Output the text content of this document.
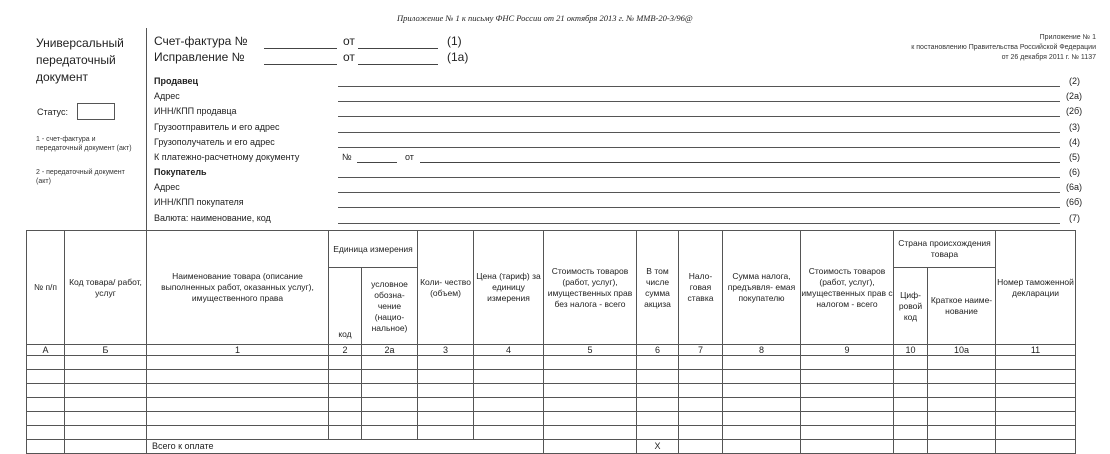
Приложение № 1 к письму ФНС России от 21 октября 2013 г. № ММВ-20-3/96@
Универсальный
передаточный
документ
Статус:
1 - счет-фактура и передаточный документ (акт)
2 - передаточный документ (акт)
Счет-фактура №	от	(1)
Исправление №	от	(1а)
Приложение № 1
к постановлению Правительства Российской Федерации
от 26 декабря 2011 г. № 1137
Продавец	(2)
Адрес	(2а)
ИНН/КПП продавца	(2б)
Грузоотправитель и его адрес	(3)
Грузополучатель и его адрес	(4)
К платежно-расчетному документу	№	от	(5)
Покупатель	(6)
Адрес	(6а)
ИНН/КПП покупателя	(6б)
Валюта: наименование, код	(7)
№ п/п	Код товара/ работ, услуг	Наименование товара (описание выполненных работ, оказанных услуг), имущественного права	Единица измерения		Коли- чество (объем)	Цена (тариф) за единицу измерения	Стоимость товаров (работ, услуг), имущественных прав без налога - всего	В том числе сумма акциза	Нало- говая ставка	Сумма налога, предъявля- емая покупателю	Стоимость товаров (работ, услуг), имущественных прав с налогом - всего	Страна происхождения товара		Номер таможенной декларации
			код	условное обозна- чение (нацио- нальное)								Циф- ровой код	Краткое наиме- нование	
А	Б	1	2	2а	3	4	5	6	7	8	9	10	10а	11

		Всего к оплате						Х						
